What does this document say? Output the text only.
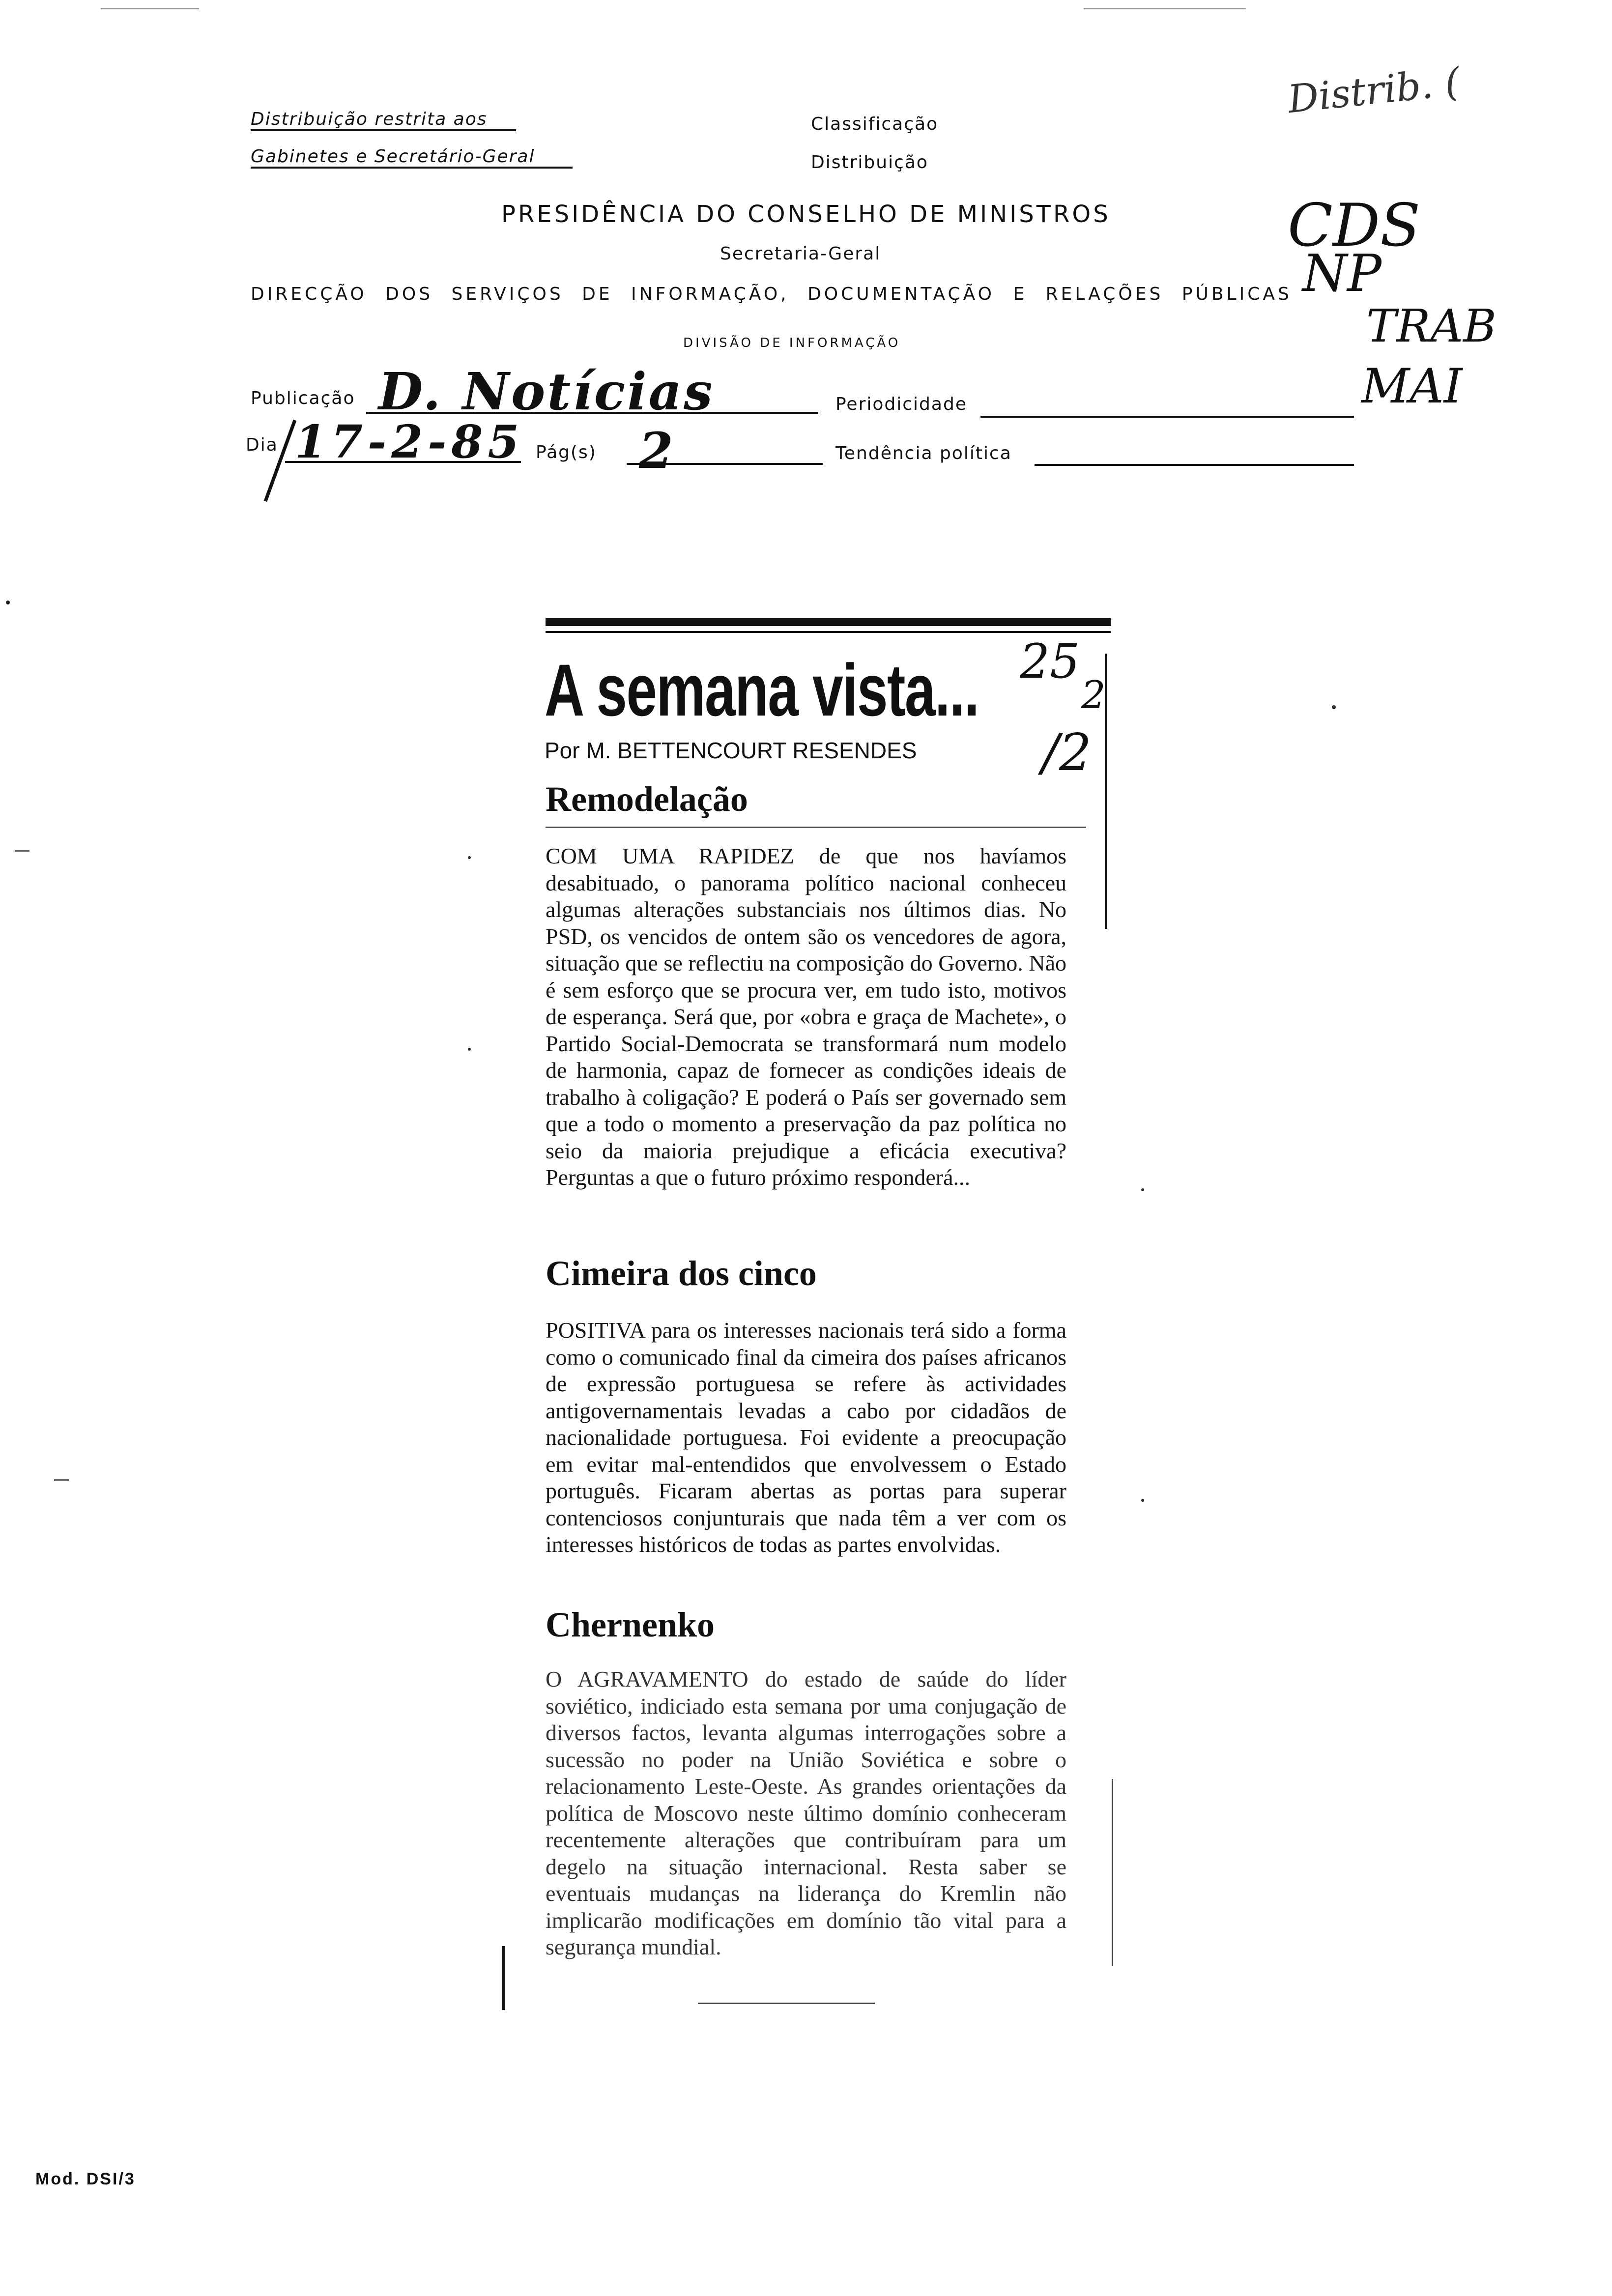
Distribuição restrita aos
Gabinetes e Secretário-Geral
Classificação
Distribuição
PRESIDÊNCIA DO CONSELHO DE MINISTROS
Secretaria-Geral
DIRECÇÃO DOS SERVIÇOS DE INFORMAÇÃO, DOCUMENTAÇÃO E RELAÇÕES PÚBLICAS
DIVISÃO DE INFORMAÇÃO
Publicação D. Notícias	Periodicidade
Dia 17-2-85 Pág(s) 2	Tendência política
Distrib. (
CDS
NP
TRAB
MAI
A semana vista... 25
2
/2
Por M. BETTENCOURT RESENDES
Remodelação
COM UMA RAPIDEZ de que nos havíamos desabituado, o panorama político nacional conheceu algumas alterações substanciais nos últimos dias. No PSD, os vencidos de ontem são os vencedores de agora, situação que se reflectiu na composição do Governo. Não é sem esforço que se procura ver, em tudo isto, motivos de esperança. Será que, por «obra e graça de Machete», o Partido Social-Democrata se transformará num modelo de harmonia, capaz de fornecer as condições ideais de trabalho à coligação? E poderá o País ser governado sem que a todo o momento a preservação da paz política no seio da maioria prejudique a eficácia executiva? Perguntas a que o futuro próximo responderá...
Cimeira dos cinco
POSITIVA para os interesses nacionais terá sido a forma como o comunicado final da cimeira dos países africanos de expressão portuguesa se refere às actividades antigovernamentais levadas a cabo por cidadãos de nacionalidade portuguesa. Foi evidente a preocupação em evitar mal-entendidos que envolvessem o Estado português. Ficaram abertas as portas para superar contenciosos conjunturais que nada têm a ver com os interesses históricos de todas as partes envolvidas.
Chernenko
O AGRAVAMENTO do estado de saúde do líder soviético, indiciado esta semana por uma conjugação de diversos factos, levanta algumas interrogações sobre a sucessão no poder na União Soviética e sobre o relacionamento Leste-Oeste. As grandes orientações da política de Moscovo neste último domínio conheceram recentemente alterações que contribuíram para um degelo na situação internacional. Resta saber se eventuais mudanças na liderança do Kremlin não implicarão modificações em domínio tão vital para a segurança mundial.
Mod. DSI/3
